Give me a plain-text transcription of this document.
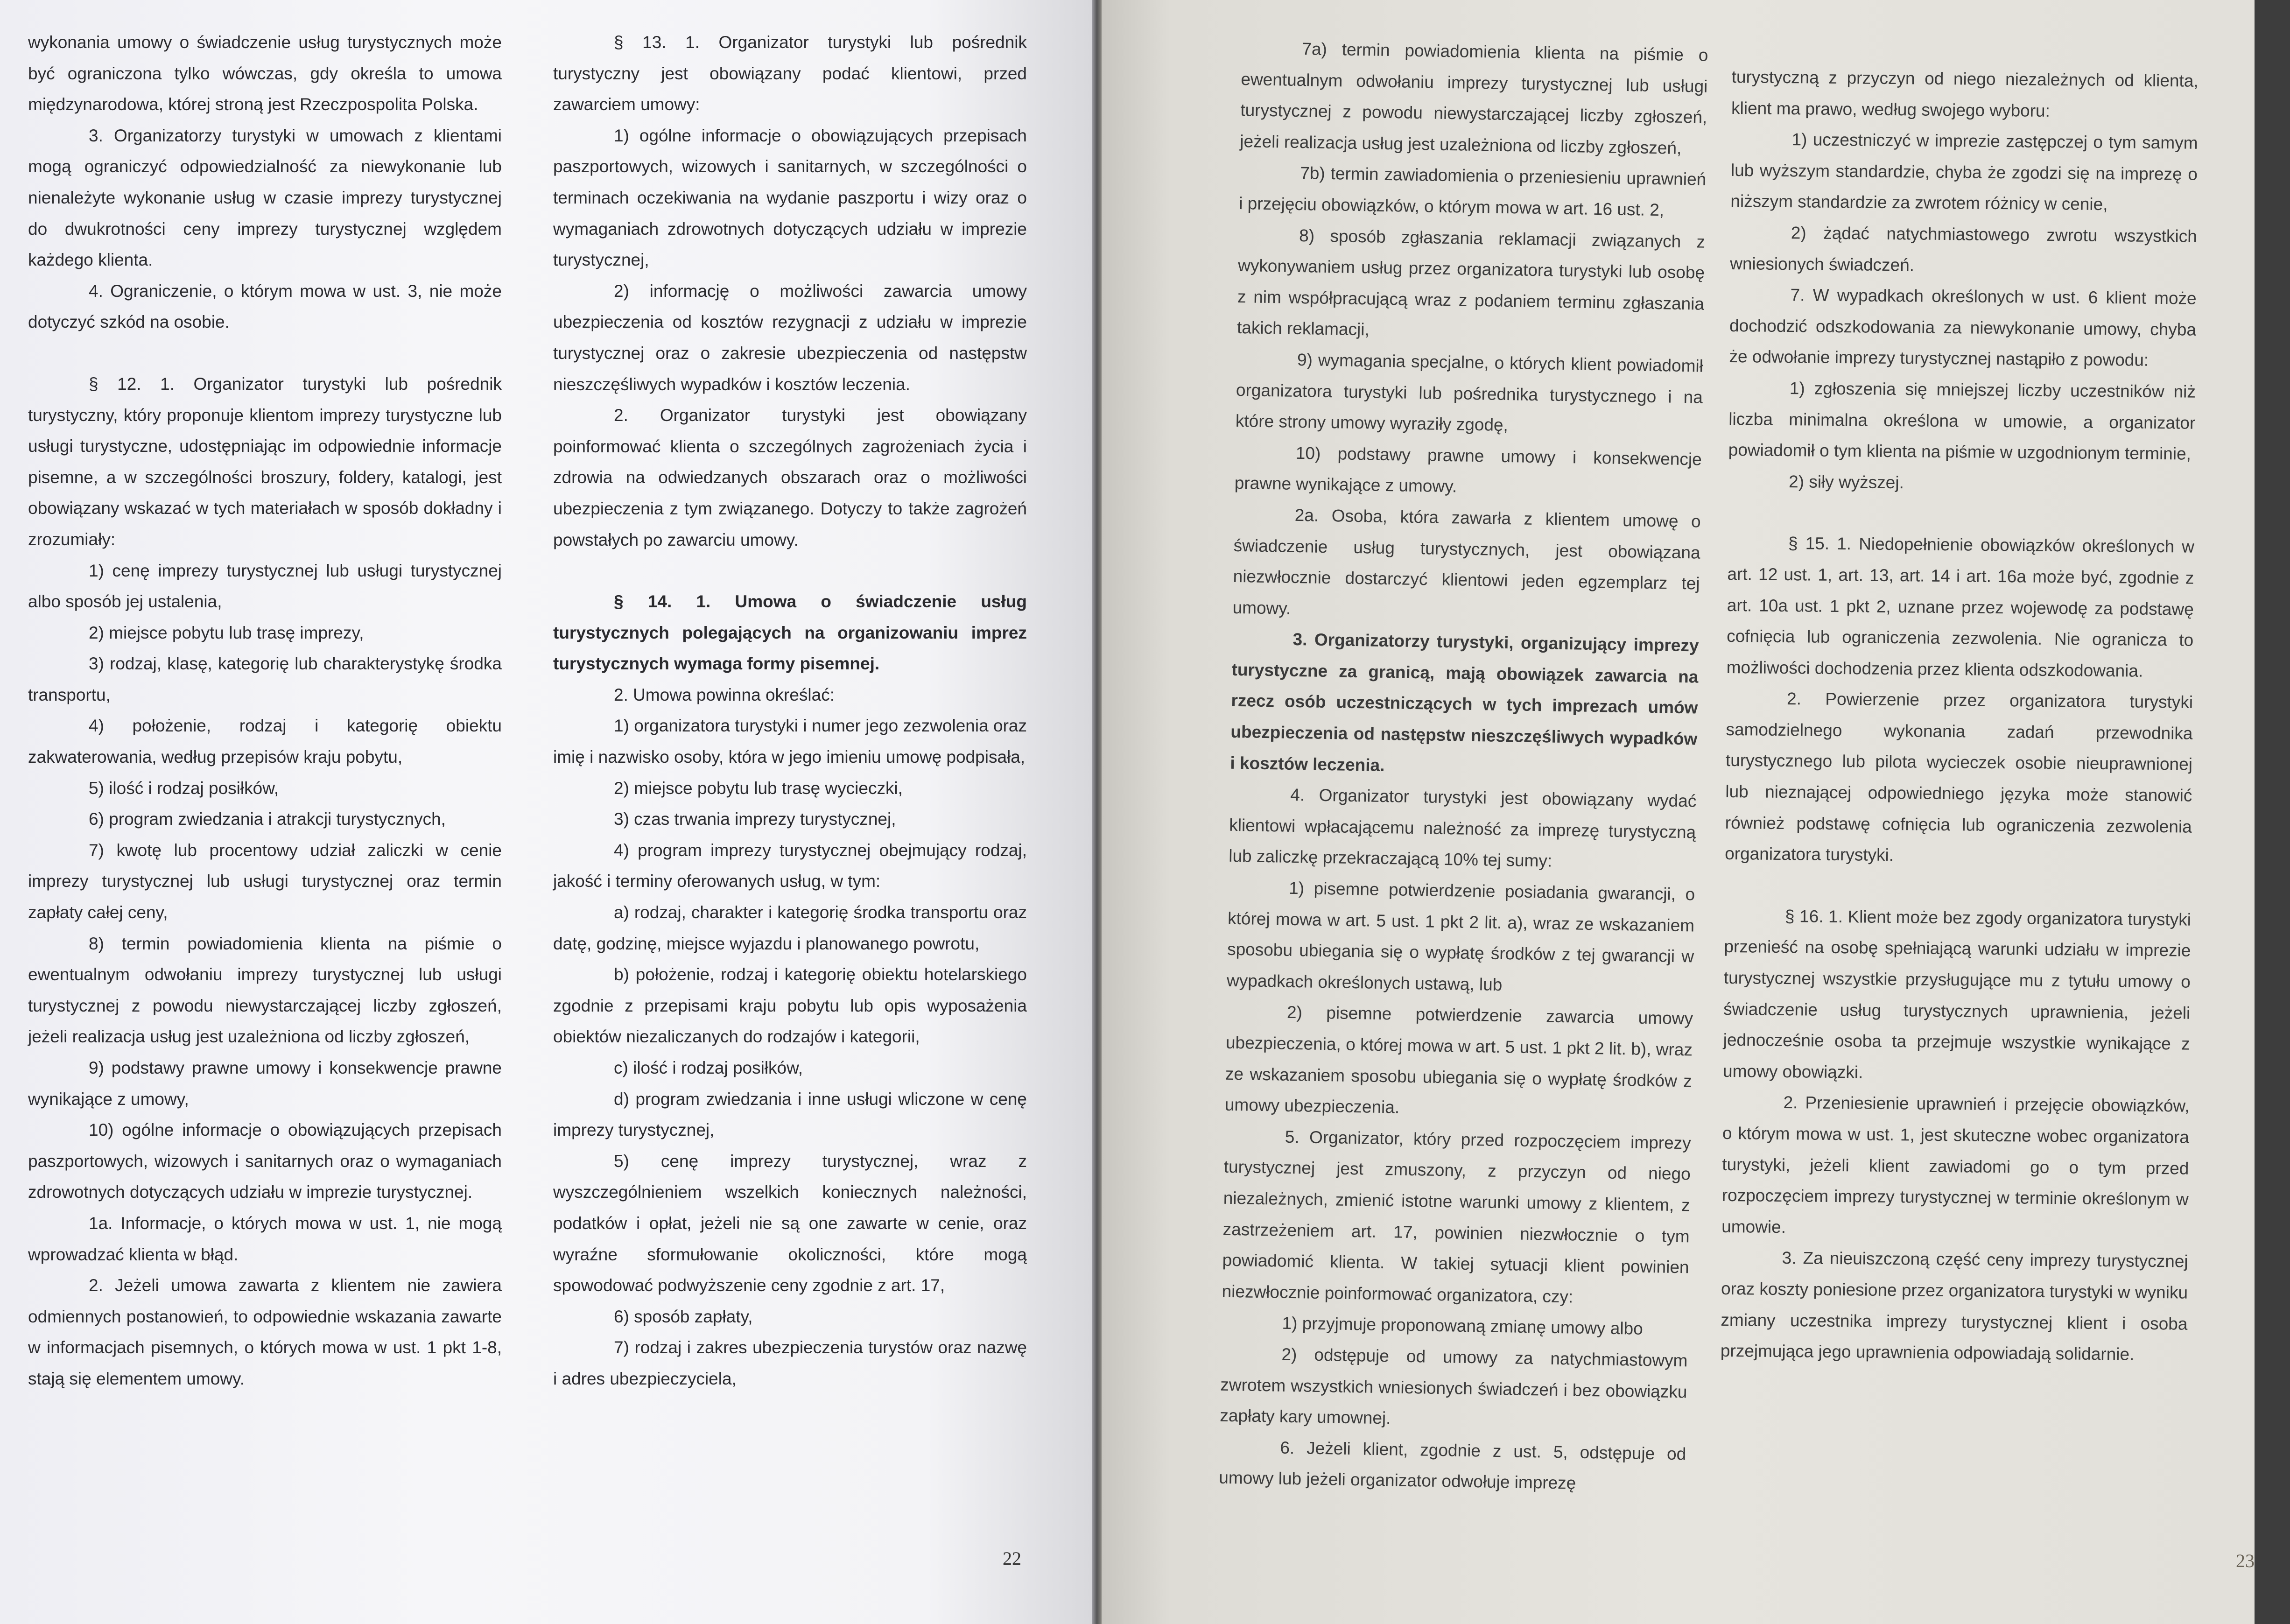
wykonania umowy o świadczenie usług turystycznych może być ograniczona tylko wówczas, gdy określa to umowa międzynarodowa, której stroną jest Rzeczpospolita Polska.

3. Organizatorzy turystyki w umowach z klientami mogą ograniczyć odpowiedzialność za niewykonanie lub nienależyte wykonanie usług w czasie imprezy turystycznej do dwukrotności ceny imprezy turystycznej względem każdego klienta.

4. Ograniczenie, o którym mowa w ust. 3, nie może dotyczyć szkód na osobie.

§ 12. 1. Organizator turystyki lub pośrednik turystyczny, który proponuje klientom imprezy turystyczne lub usługi turystyczne, udostępniając im odpowiednie informacje pisemne, a w szczególności broszury, foldery, katalogi, jest obowiązany wskazać w tych materiałach w sposób dokładny i zrozumiały:

1) cenę imprezy turystycznej lub usługi turystycznej albo sposób jej ustalenia,

2) miejsce pobytu lub trasę imprezy,

3) rodzaj, klasę, kategorię lub charakterystykę środka transportu,

4) położenie, rodzaj i kategorię obiektu zakwaterowania, według przepisów kraju pobytu,

5) ilość i rodzaj posiłków,

6) program zwiedzania i atrakcji turystycznych,

7) kwotę lub procentowy udział zaliczki w cenie imprezy turystycznej lub usługi turystycznej oraz termin zapłaty całej ceny,

8) termin powiadomienia klienta na piśmie o ewentualnym odwołaniu imprezy turystycznej lub usługi turystycznej z powodu niewystarczającej liczby zgłoszeń, jeżeli realizacja usług jest uzależniona od liczby zgłoszeń,

9) podstawy prawne umowy i konsekwencje prawne wynikające z umowy,

10) ogólne informacje o obowiązujących przepisach paszportowych, wizowych i sanitarnych oraz o wymaganiach zdrowotnych dotyczących udziału w imprezie turystycznej.

1a. Informacje, o których mowa w ust. 1, nie mogą wprowadzać klienta w błąd.

2. Jeżeli umowa zawarta z klientem nie zawiera odmiennych postanowień, to odpowiednie wskazania zawarte w informacjach pisemnych, o których mowa w ust. 1 pkt 1-8, stają się elementem umowy.

§ 13. 1. Organizator turystyki lub pośrednik turystyczny jest obowiązany podać klientowi, przed zawarciem umowy:

1) ogólne informacje o obowiązujących przepisach paszportowych, wizowych i sanitarnych, w szczególności o terminach oczekiwania na wydanie paszportu i wizy oraz o wymaganiach zdrowotnych dotyczących udziału w imprezie turystycznej,

2) informację o możliwości zawarcia umowy ubezpieczenia od kosztów rezygnacji z udziału w imprezie turystycznej oraz o zakresie ubezpieczenia od następstw nieszczęśliwych wypadków i kosztów leczenia.

2. Organizator turystyki jest obowiązany poinformować klienta o szczególnych zagrożeniach życia i zdrowia na odwiedzanych obszarach oraz o możliwości ubezpieczenia z tym związanego. Dotyczy to także zagrożeń powstałych po zawarciu umowy.

§ 14. 1. Umowa o świadczenie usług turystycznych polegających na organizowaniu imprez turystycznych wymaga formy pisemnej.

2. Umowa powinna określać:

1) organizatora turystyki i numer jego zezwolenia oraz imię i nazwisko osoby, która w jego imieniu umowę podpisała,

2) miejsce pobytu lub trasę wycieczki,

3) czas trwania imprezy turystycznej,

4) program imprezy turystycznej obejmujący rodzaj, jakość i terminy oferowanych usług, w tym:

a) rodzaj, charakter i kategorię środka transportu oraz datę, godzinę, miejsce wyjazdu i planowanego powrotu,

b) położenie, rodzaj i kategorię obiektu hotelarskiego zgodnie z przepisami kraju pobytu lub opis wyposażenia obiektów niezaliczanych do rodzajów i kategorii,

c) ilość i rodzaj posiłków,

d) program zwiedzania i inne usługi wliczone w cenę imprezy turystycznej,

5) cenę imprezy turystycznej, wraz z wyszczególnieniem wszelkich koniecznych należności, podatków i opłat, jeżeli nie są one zawarte w cenie, oraz wyraźne sformułowanie okoliczności, które mogą spowodować podwyższenie ceny zgodnie z art. 17,

6) sposób zapłaty,

7) rodzaj i zakres ubezpieczenia turystów oraz nazwę i adres ubezpieczyciela,

22

7a) termin powiadomienia klienta na piśmie o ewentualnym odwołaniu imprezy turystycznej lub usługi turystycznej z powodu niewystarczającej liczby zgłoszeń, jeżeli realizacja usług jest uzależniona od liczby zgłoszeń,

7b) termin zawiadomienia o przeniesieniu uprawnień i przejęciu obowiązków, o którym mowa w art. 16 ust. 2,

8) sposób zgłaszania reklamacji związanych z wykonywaniem usług przez organizatora turystyki lub osobę z nim współpracującą wraz z podaniem terminu zgłaszania takich reklamacji,

9) wymagania specjalne, o których klient powiadomił organizatora turystyki lub pośrednika turystycznego i na które strony umowy wyraziły zgodę,

10) podstawy prawne umowy i konsekwencje prawne wynikające z umowy.

2a. Osoba, która zawarła z klientem umowę o świadczenie usług turystycznych, jest obowiązana niezwłocznie dostarczyć klientowi jeden egzemplarz tej umowy.

3. Organizatorzy turystyki, organizujący imprezy turystyczne za granicą, mają obowiązek zawarcia na rzecz osób uczestniczących w tych imprezach umów ubezpieczenia od następstw nieszczęśliwych wypadków i kosztów leczenia.

4. Organizator turystyki jest obowiązany wydać klientowi wpłacającemu należność za imprezę turystyczną lub zaliczkę przekraczającą 10% tej sumy:

1) pisemne potwierdzenie posiadania gwarancji, o której mowa w art. 5 ust. 1 pkt 2 lit. a), wraz ze wskazaniem sposobu ubiegania się o wypłatę środków z tej gwarancji w wypadkach określonych ustawą, lub

2) pisemne potwierdzenie zawarcia umowy ubezpieczenia, o której mowa w art. 5 ust. 1 pkt 2 lit. b), wraz ze wskazaniem sposobu ubiegania się o wypłatę środków z umowy ubezpieczenia.

5. Organizator, który przed rozpoczęciem imprezy turystycznej jest zmuszony, z przyczyn od niego niezależnych, zmienić istotne warunki umowy z klientem, z zastrzeżeniem art. 17, powinien niezwłocznie o tym powiadomić klienta. W takiej sytuacji klient powinien niezwłocznie poinformować organizatora, czy:

1) przyjmuje proponowaną zmianę umowy albo

2) odstępuje od umowy za natychmiastowym zwrotem wszystkich wniesionych świadczeń i bez obowiązku zapłaty kary umownej.

6. Jeżeli klient, zgodnie z ust. 5, odstępuje od umowy lub jeżeli organizator odwołuje imprezę

turystyczną z przyczyn od niego niezależnych od klienta, klient ma prawo, według swojego wyboru:

1) uczestniczyć w imprezie zastępczej o tym samym lub wyższym standardzie, chyba że zgodzi się na imprezę o niższym standardzie za zwrotem różnicy w cenie,

2) żądać natychmiastowego zwrotu wszystkich wniesionych świadczeń.

7. W wypadkach określonych w ust. 6 klient może dochodzić odszkodowania za niewykonanie umowy, chyba że odwołanie imprezy turystycznej nastąpiło z powodu:

1) zgłoszenia się mniejszej liczby uczestników niż liczba minimalna określona w umowie, a organizator powiadomił o tym klienta na piśmie w uzgodnionym terminie,

2) siły wyższej.

§ 15. 1. Niedopełnienie obowiązków określonych w art. 12 ust. 1, art. 13, art. 14 i art. 16a może być, zgodnie z art. 10a ust. 1 pkt 2, uznane przez wojewodę za podstawę cofnięcia lub ograniczenia zezwolenia. Nie ogranicza to możliwości dochodzenia przez klienta odszkodowania.

2. Powierzenie przez organizatora turystyki samodzielnego wykonania zadań przewodnika turystycznego lub pilota wycieczek osobie nieuprawnionej lub nieznającej odpowiedniego języka może stanowić również podstawę cofnięcia lub ograniczenia zezwolenia organizatora turystyki.

§ 16. 1. Klient może bez zgody organizatora turystyki przenieść na osobę spełniającą warunki udziału w imprezie turystycznej wszystkie przysługujące mu z tytułu umowy o świadczenie usług turystycznych uprawnienia, jeżeli jednocześnie osoba ta przejmuje wszystkie wynikające z umowy obowiązki.

2. Przeniesienie uprawnień i przejęcie obowiązków, o którym mowa w ust. 1, jest skuteczne wobec organizatora turystyki, jeżeli klient zawiadomi go o tym przed rozpoczęciem imprezy turystycznej w terminie określonym w umowie.

3. Za nieuiszczoną część ceny imprezy turystycznej oraz koszty poniesione przez organizatora turystyki w wyniku zmiany uczestnika imprezy turystycznej klient i osoba przejmująca jego uprawnienia odpowiadają solidarnie.

23
